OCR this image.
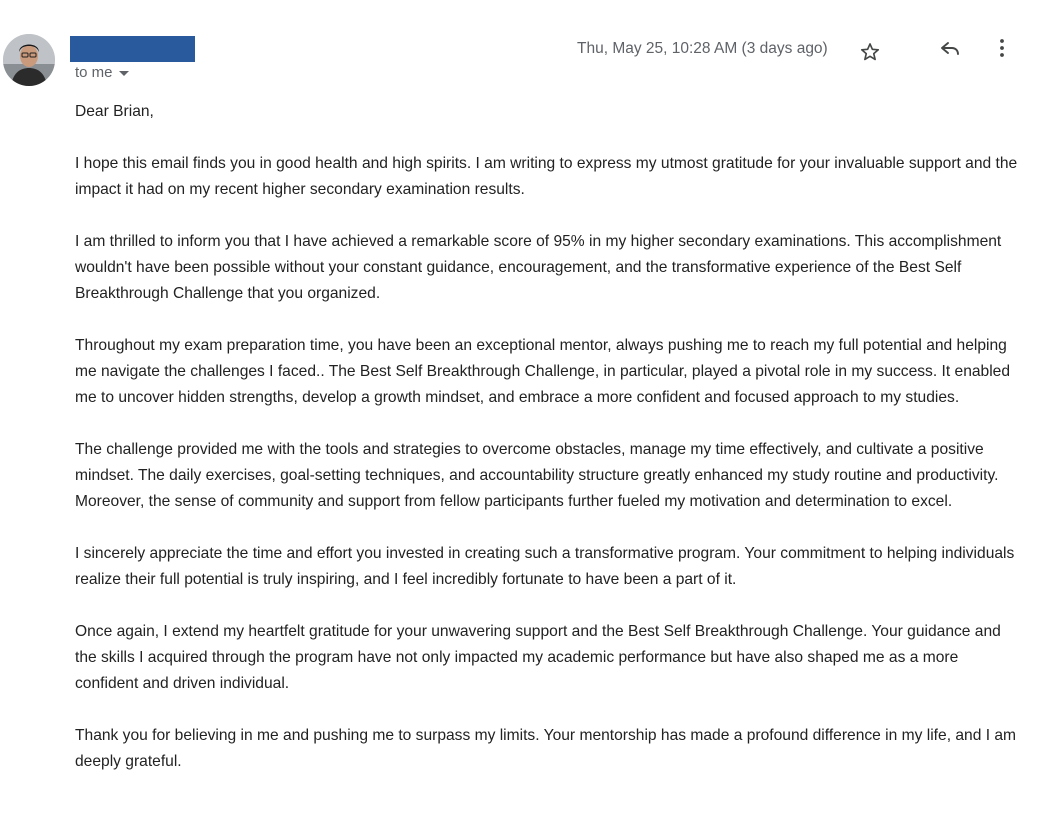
to me
Thu, May 25, 10:28 AM (3 days ago)

Dear Brian,

I hope this email finds you in good health and high spirits. I am writing to express my utmost gratitude for your invaluable support and the impact it had on my recent higher secondary examination results.

I am thrilled to inform you that I have achieved a remarkable score of 95% in my higher secondary examinations. This accomplishment wouldn't have been possible without your constant guidance, encouragement, and the transformative experience of the Best Self Breakthrough Challenge that you organized.

Throughout my exam preparation time, you have been an exceptional mentor, always pushing me to reach my full potential and helping me navigate the challenges I faced.. The Best Self Breakthrough Challenge, in particular, played a pivotal role in my success. It enabled me to uncover hidden strengths, develop a growth mindset, and embrace a more confident and focused approach to my studies.

The challenge provided me with the tools and strategies to overcome obstacles, manage my time effectively, and cultivate a positive mindset. The daily exercises, goal-setting techniques, and accountability structure greatly enhanced my study routine and productivity. Moreover, the sense of community and support from fellow participants further fueled my motivation and determination to excel.

I sincerely appreciate the time and effort you invested in creating such a transformative program. Your commitment to helping individuals realize their full potential is truly inspiring, and I feel incredibly fortunate to have been a part of it.

Once again, I extend my heartfelt gratitude for your unwavering support and the Best Self Breakthrough Challenge. Your guidance and the skills I acquired through the program have not only impacted my academic performance but have also shaped me as a more confident and driven individual.

Thank you for believing in me and pushing me to surpass my limits. Your mentorship has made a profound difference in my life, and I am deeply grateful.
